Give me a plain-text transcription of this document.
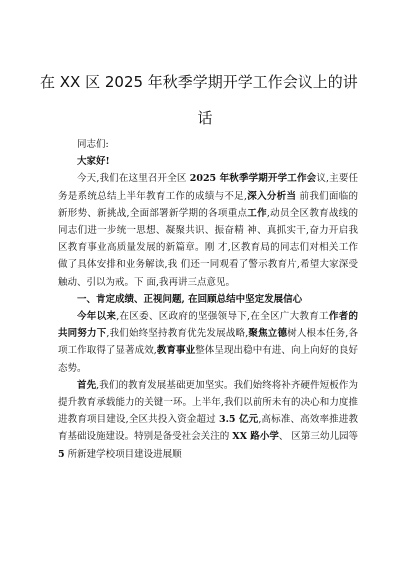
在 XX 区 2025 年秋季学期开学工作会议上的讲
话

同志们:

大家好!

今天,我们在这里召开全区 2025 年秋季学期开学工作会议,主要任务是系统总结上半年教育工作的成绩与不足,深入分析当 前我们面临的新形势、新挑战,全面部署新学期的各项重点工作,动员全区教育战线的同志们进一步统一思想、凝聚共识、振奋精 神、真抓实干,奋力开启我区教育事业高质量发展的新篇章。刚 才,区教育局的同志们对相关工作做了具体安排和业务解读,我 们还一同观看了警示教育片,希望大家深受触动、引以为戒。下 面,我再讲三点意见。

一、肯定成绩、正视问题, 在回顾总结中坚定发展信心

今年以来,在区委、区政府的坚强领导下,在全区广大教育工作者的共同努力下,我们始终坚持教育优先发展战略,聚焦立德树人根本任务,各项工作取得了显著成效,教育事业整体呈现出稳中有进、向上向好的良好态势。

首先,我们的教育发展基础更加坚实。我们始终将补齐硬件短板作为提升教育承载能力的关键一环。上半年,我们以前所未有的决心和力度推进教育项目建设,全区共投入资金超过 3.5 亿元,高标准、高效率推进教育基础设施建设。特别是备受社会关注的 XX 路小学、 区第三幼儿园等 5 所新建学校项目建设进展顺
